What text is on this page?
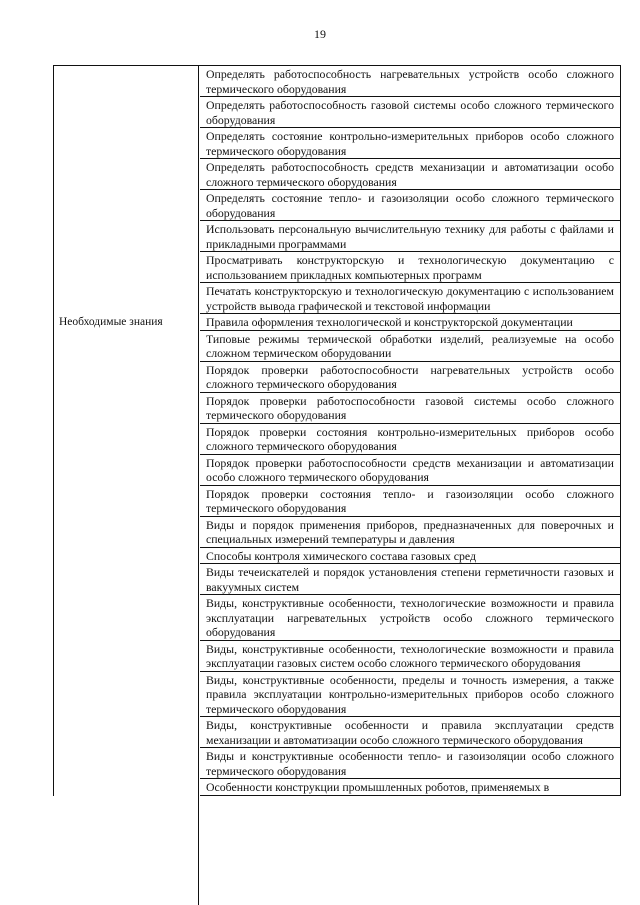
19
Определять работоспособность нагревательных устройств особо сложного термического оборудования
Определять работоспособность газовой системы особо сложного термического оборудования
Определять состояние контрольно-измерительных приборов особо сложного термического оборудования
Определять работоспособность средств механизации и автоматизации особо сложного термического оборудования
Определять состояние тепло- и газоизоляции особо сложного термического оборудования
Использовать персональную вычислительную технику для работы с файлами и прикладными программами
Просматривать конструкторскую и технологическую документацию с использованием прикладных компьютерных программ
Печатать конструкторскую и технологическую документацию с использованием устройств вывода графической и текстовой информации
Необходимые знания	Правила оформления технологической и конструкторской документации
Типовые режимы термической обработки изделий, реализуемые на особо сложном термическом оборудовании
Порядок проверки работоспособности нагревательных устройств особо сложного термического оборудования
Порядок проверки работоспособности газовой системы особо сложного термического оборудования
Порядок проверки состояния контрольно-измерительных приборов особо сложного термического оборудования
Порядок проверки работоспособности средств механизации и автоматизации особо сложного термического оборудования
Порядок проверки состояния тепло- и газоизоляции особо сложного термического оборудования
Виды и порядок применения приборов, предназначенных для поверочных и специальных измерений температуры и давления
Способы контроля химического состава газовых сред
Виды течеискателей и порядок установления степени герметичности газовых и вакуумных систем
Виды, конструктивные особенности, технологические возможности и правила эксплуатации нагревательных устройств особо сложного термического оборудования
Виды, конструктивные особенности, технологические возможности и правила эксплуатации газовых систем особо сложного термического оборудования
Виды, конструктивные особенности, пределы и точность измерения, а также правила эксплуатации контрольно-измерительных приборов особо сложного термического оборудования
Виды, конструктивные особенности и правила эксплуатации средств механизации и автоматизации особо сложного термического оборудования
Виды и конструктивные особенности тепло- и газоизоляции особо сложного термического оборудования
Особенности конструкции промышленных роботов, применяемых в
